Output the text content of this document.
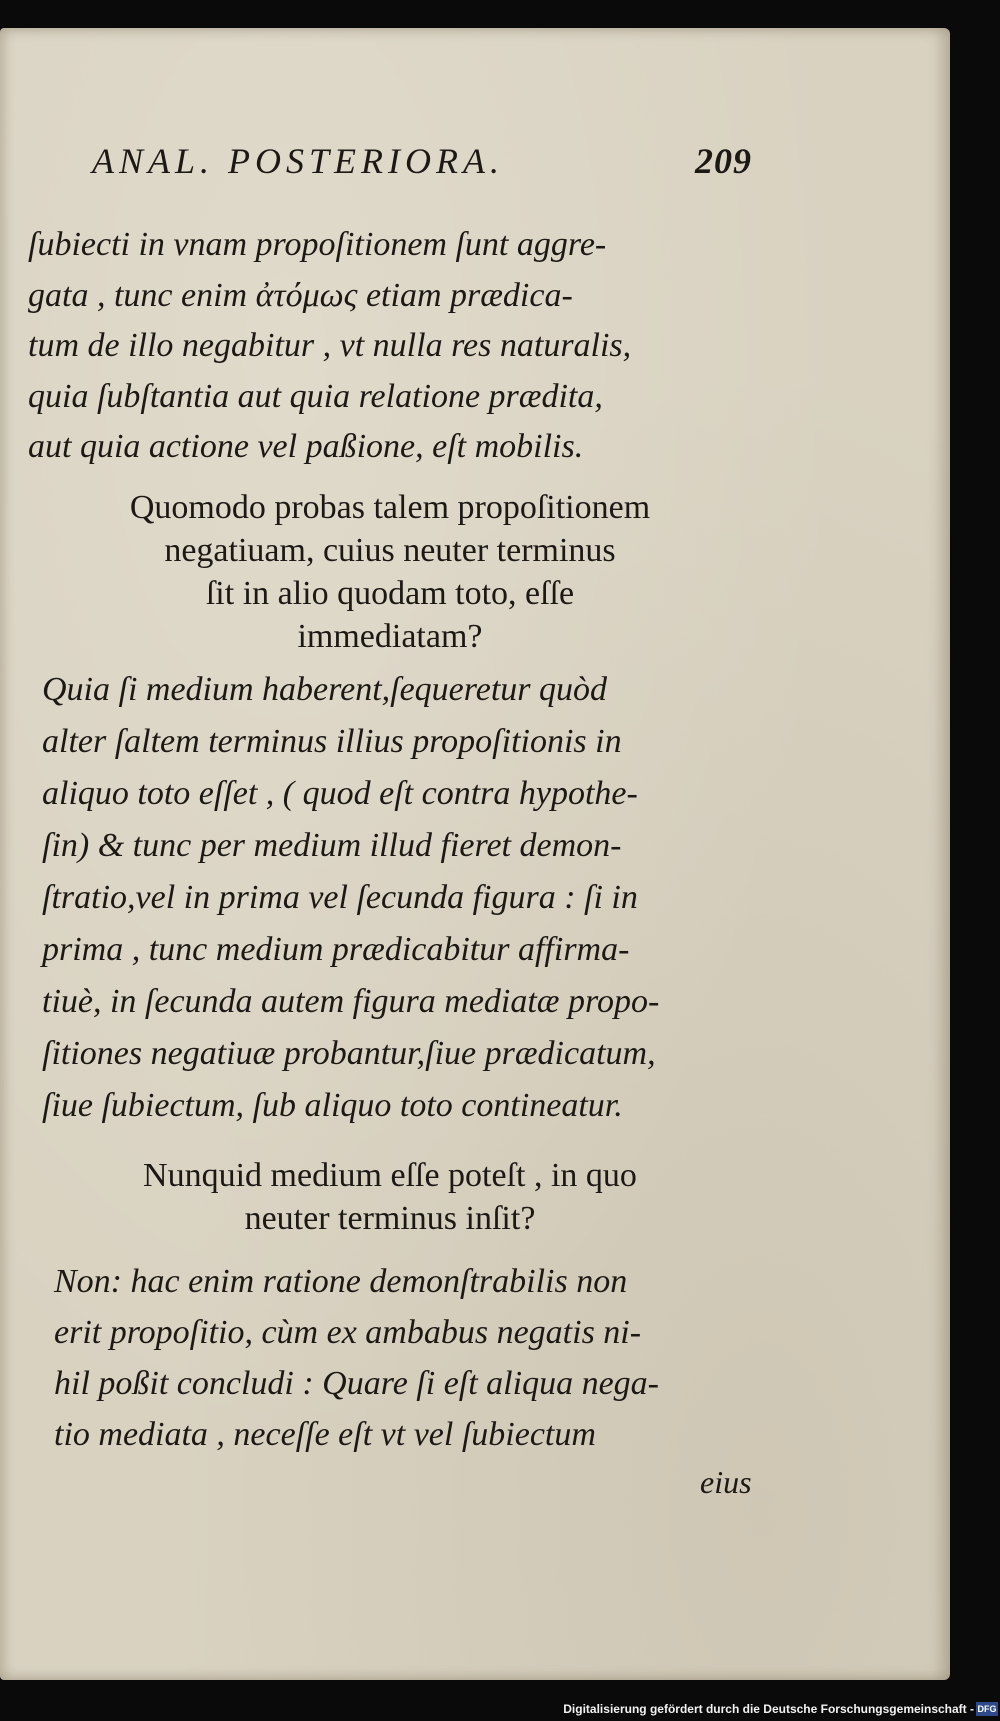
ANAL. POSTERIORA.	209

ſubiecti in vnam propoſitionem ſunt aggre-
gata , tunc enim ἀτόμως etiam prædica-
tum de illo negabitur , vt nulla res naturalis,
quia ſubſtantia aut quia relatione prædita,
aut quia actione vel paßione, eſt mobilis.

Quomodo probas talem propoſitionem
negatiuam, cuius neuter terminus
ſit in alio quodam toto, eſſe
immediatam?

Quia ſi medium haberent,ſequeretur quòd
alter ſaltem terminus illius propoſitionis in
aliquo toto eſſet , ( quod eſt contra hypothe-
ſin) & tunc per medium illud fieret demon-
ſtratio,vel in prima vel ſecunda figura : ſi in
prima , tunc medium prædicabitur affirma-
tiuè, in ſecunda autem figura mediatæ propo-
ſitiones negatiuæ probantur,ſiue prædicatum,
ſiue ſubiectum, ſub aliquo toto contineatur.

Nunquid medium eſſe poteſt , in quo
neuter terminus inſit?

Non: hac enim ratione demonſtrabilis non
erit propoſitio, cùm ex ambabus negatis ni-
hil poßit concludi : Quare ſi eſt aliqua nega-
tio mediata , neceſſe eſt vt vel ſubiectum

eius
Digitalisierung gefördert durch die Deutsche Forschungsgemeinschaft - DFG
